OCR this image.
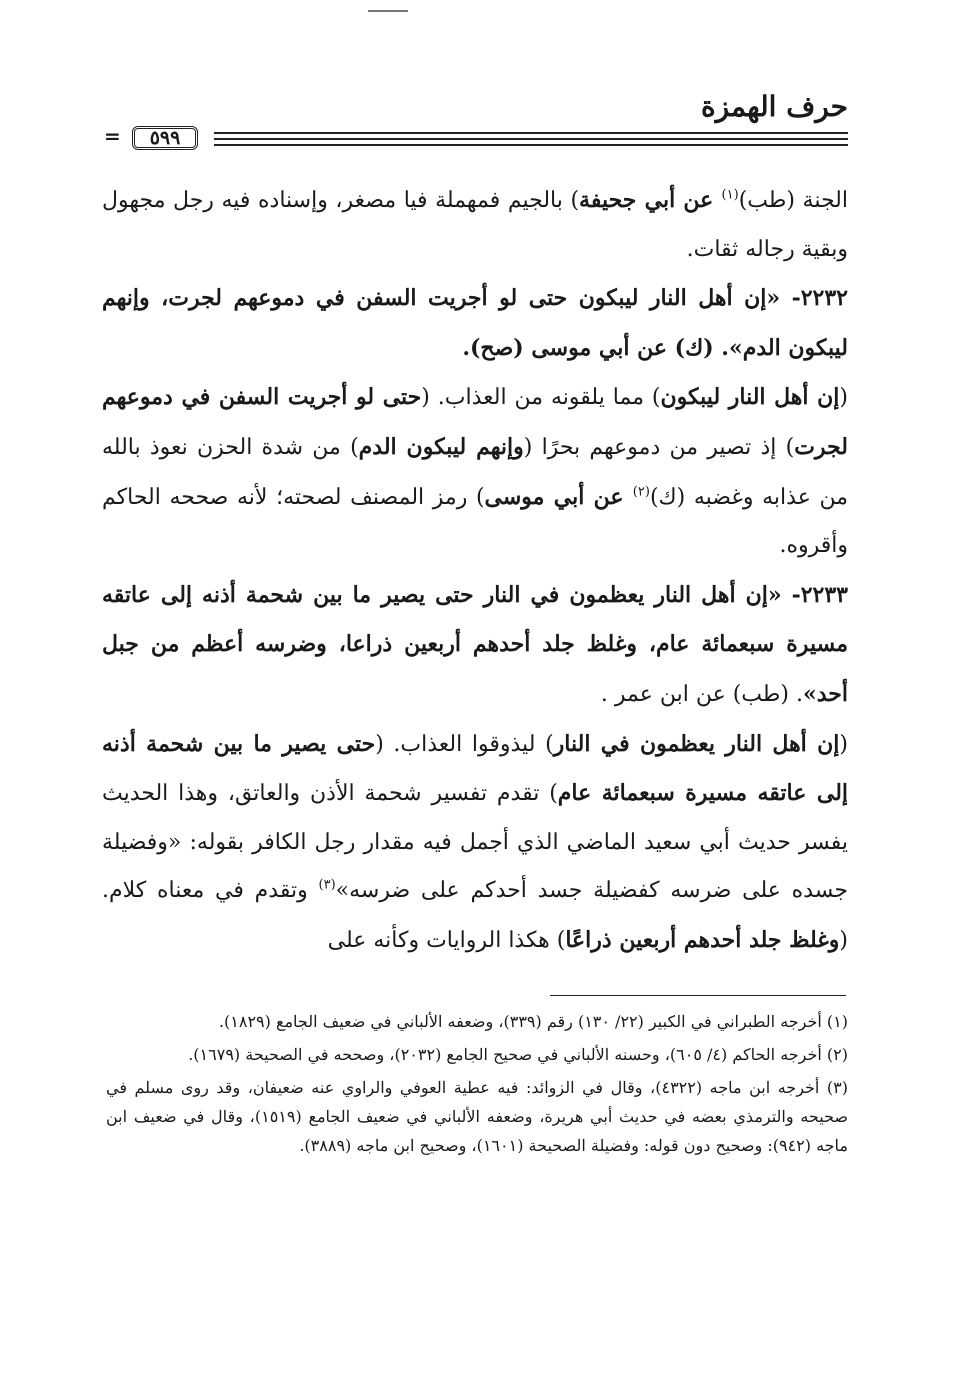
حرف الهمزة
٥٩٩
=

الجنة (طب)$^{(١)}$ عن أبي جحيفة) بالجيم فمهملة فيا مصغر، وإسناده فيه رجل مجهول وبقية رجاله ثقات.

٢٢٣٢- «إن أهل النار ليبكون حتى لو أجريت السفن في دموعهم لجرت، وإنهم ليبكون الدم». (ك) عن أبي موسى (صح).

(إن أهل النار ليبكون) مما يلقونه من العذاب. (حتى لو أجريت السفن في دموعهم لجرت) إذ تصير من دموعهم بحرًا (وإنهم ليبكون الدم) من شدة الحزن نعوذ بالله من عذابه وغضبه (ك)$^{(٢)}$ عن أبي موسى) رمز المصنف لصحته؛ لأنه صححه الحاكم وأقروه.

٢٢٣٣- «إن أهل النار يعظمون في النار حتى يصير ما بين شحمة أذنه إلى عاتقه مسيرة سبعمائة عام، وغلظ جلد أحدهم أربعين ذراعا، وضرسه أعظم من جبل أحد». (طب) عن ابن عمر .

(إن أهل النار يعظمون في النار) ليذوقوا العذاب. (حتى يصير ما بين شحمة أذنه إلى عاتقه مسيرة سبعمائة عام) تقدم تفسير شحمة الأذن والعاتق، وهذا الحديث يفسر حديث أبي سعيد الماضي الذي أجمل فيه مقدار رجل الكافر بقوله: «وفضيلة جسده على ضرسه كفضيلة جسد أحدكم على ضرسه»$^{(٣)}$ وتقدم في معناه كلام. (وغلظ جلد أحدهم أربعين ذراعًا) هكذا الروايات وكأنه على

(١) أخرجه الطبراني في الكبير (٢٢/ ١٣٠) رقم (٣٣٩)، وضعفه الألباني في ضعيف الجامع (١٨٢٩).

(٢) أخرجه الحاكم (٤/ ٦٠٥)، وحسنه الألباني في صحيح الجامع (٢٠٣٢)، وصححه في الصحيحة (١٦٧٩).

(٣) أخرجه ابن ماجه (٤٣٢٢)، وقال في الزوائد: فيه عطية العوفي والراوي عنه ضعيفان، وقد روى مسلم في صحيحه والترمذي بعضه في حديث أبي هريرة، وضعفه الألباني في ضعيف الجامع (١٥١٩)، وقال في ضعيف ابن ماجه (٩٤٢): وصحيح دون قوله: وفضيلة الصحيحة (١٦٠١)، وصحيح ابن ماجه (٣٨٨٩).
